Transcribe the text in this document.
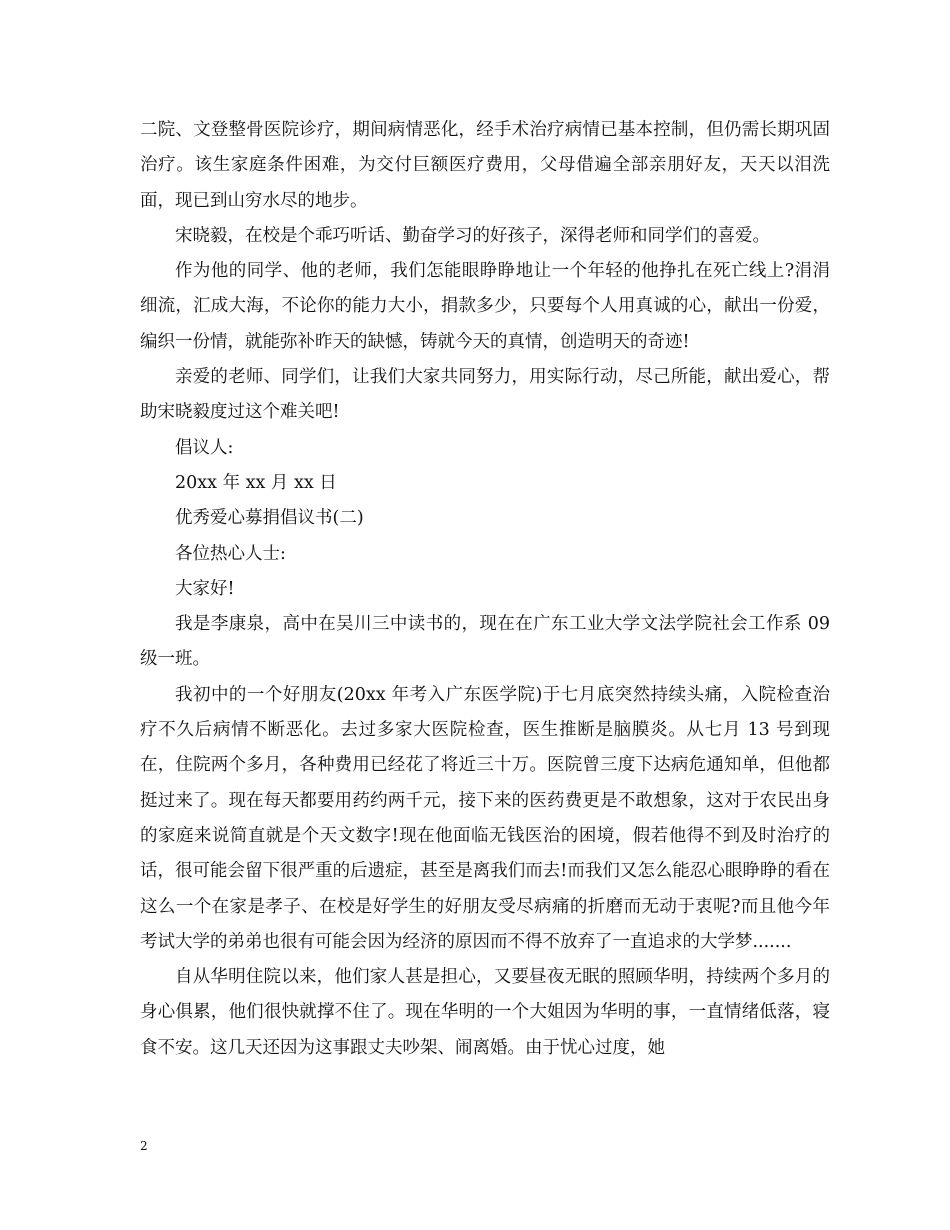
二院、文登整骨医院诊疗，期间病情恶化，经手术治疗病情已基本控制，但仍需长期巩固治疗。该生家庭条件困难，为交付巨额医疗费用，父母借遍全部亲朋好友，天天以泪洗面，现已到山穷水尽的地步。

宋晓毅，在校是个乖巧听话、勤奋学习的好孩子，深得老师和同学们的喜爱。

作为他的同学、他的老师，我们怎能眼睁睁地让一个年轻的他挣扎在死亡线上?涓涓细流，汇成大海，不论你的能力大小，捐款多少，只要每个人用真诚的心，献出一份爱，编织一份情，就能弥补昨天的缺憾，铸就今天的真情，创造明天的奇迹!

亲爱的老师、同学们，让我们大家共同努力，用实际行动，尽己所能，献出爱心，帮助宋晓毅度过这个难关吧!

倡议人:

20xx 年 xx 月 xx 日

优秀爱心募捐倡议书(二)

各位热心人士:

大家好!

我是李康泉，高中在吴川三中读书的，现在在广东工业大学文法学院社会工作系 09 级一班。

我初中的一个好朋友(20xx 年考入广东医学院)于七月底突然持续头痛，入院检查治疗不久后病情不断恶化。去过多家大医院检查，医生推断是脑膜炎。从七月 13 号到现在，住院两个多月，各种费用已经花了将近三十万。医院曾三度下达病危通知单，但他都挺过来了。现在每天都要用药约两千元，接下来的医药费更是不敢想象，这对于农民出身的家庭来说简直就是个天文数字!现在他面临无钱医治的困境，假若他得不到及时治疗的话，很可能会留下很严重的后遗症，甚至是离我们而去!而我们又怎么能忍心眼睁睁的看在这么一个在家是孝子、在校是好学生的好朋友受尽病痛的折磨而无动于衷呢?而且他今年考试大学的弟弟也很有可能会因为经济的原因而不得不放弃了一直追求的大学梦.......

自从华明住院以来，他们家人甚是担心，又要昼夜无眠的照顾华明，持续两个多月的身心俱累，他们很快就撑不住了。现在华明的一个大姐因为华明的事，一直情绪低落，寝食不安。这几天还因为这事跟丈夫吵架、闹离婚。由于忧心过度，她

2
